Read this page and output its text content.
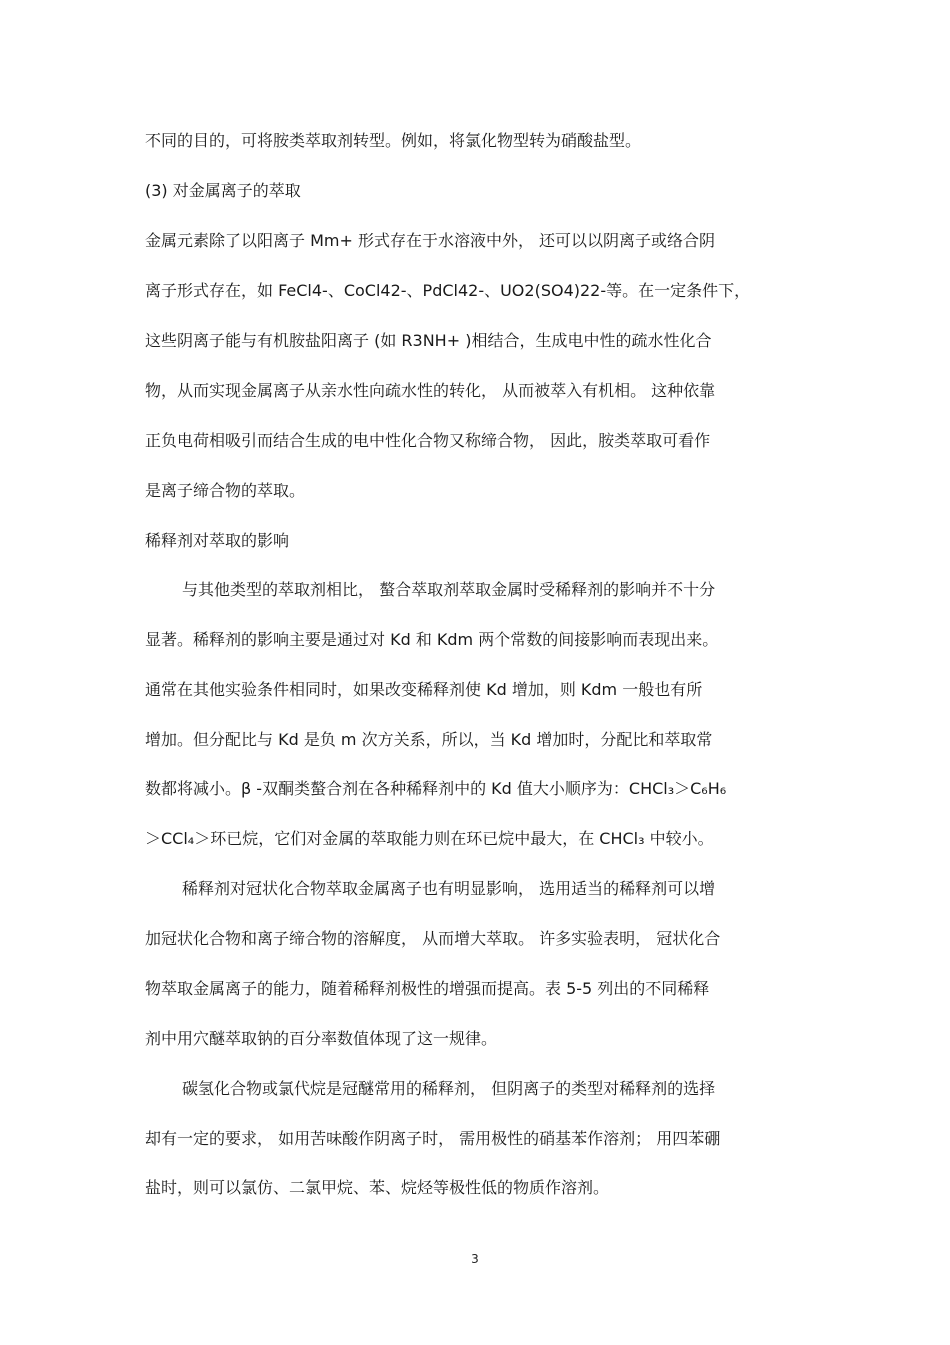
不同的目的，可将胺类萃取剂转型。例如，将氯化物型转为硝酸盐型。
(3) 对金属离子的萃取
金属元素除了以阳离子 Mm+ 形式存在于水溶液中外， 还可以以阴离子或络合阴
离子形式存在，如 FeCl4-、CoCl42-、PdCl42-、UO2(SO4)22-等。在一定条件下，
这些阴离子能与有机胺盐阳离子 (如 R3NH+ )相结合，生成电中性的疏水性化合
物，从而实现金属离子从亲水性向疏水性的转化， 从而被萃入有机相。 这种依靠
正负电荷相吸引而结合生成的电中性化合物又称缔合物， 因此，胺类萃取可看作
是离子缔合物的萃取。
稀释剂对萃取的影响
与其他类型的萃取剂相比， 螯合萃取剂萃取金属时受稀释剂的影响并不十分
显著。稀释剂的影响主要是通过对 Kd 和 Kdm 两个常数的间接影响而表现出来。
通常在其他实验条件相同时，如果改变稀释剂使 Kd 增加，则 Kdm 一般也有所
增加。但分配比与 Kd 是负 m 次方关系，所以，当 Kd 增加时，分配比和萃取常
数都将减小。β -双酮类螯合剂在各种稀释剂中的 Kd 值大小顺序为：CHCl₃＞C₆H₆
＞CCl₄＞环已烷，它们对金属的萃取能力则在环已烷中最大，在 CHCl₃ 中较小。
稀释剂对冠状化合物萃取金属离子也有明显影响， 选用适当的稀释剂可以增
加冠状化合物和离子缔合物的溶解度， 从而增大萃取。 许多实验表明， 冠状化合
物萃取金属离子的能力，随着稀释剂极性的增强而提高。表 5-5 列出的不同稀释
剂中用穴醚萃取钠的百分率数值体现了这一规律。
碳氢化合物或氯代烷是冠醚常用的稀释剂， 但阴离子的类型对稀释剂的选择
却有一定的要求， 如用苦味酸作阴离子时， 需用极性的硝基苯作溶剂； 用四苯硼
盐时，则可以氯仿、二氯甲烷、苯、烷烃等极性低的物质作溶剂。
3
